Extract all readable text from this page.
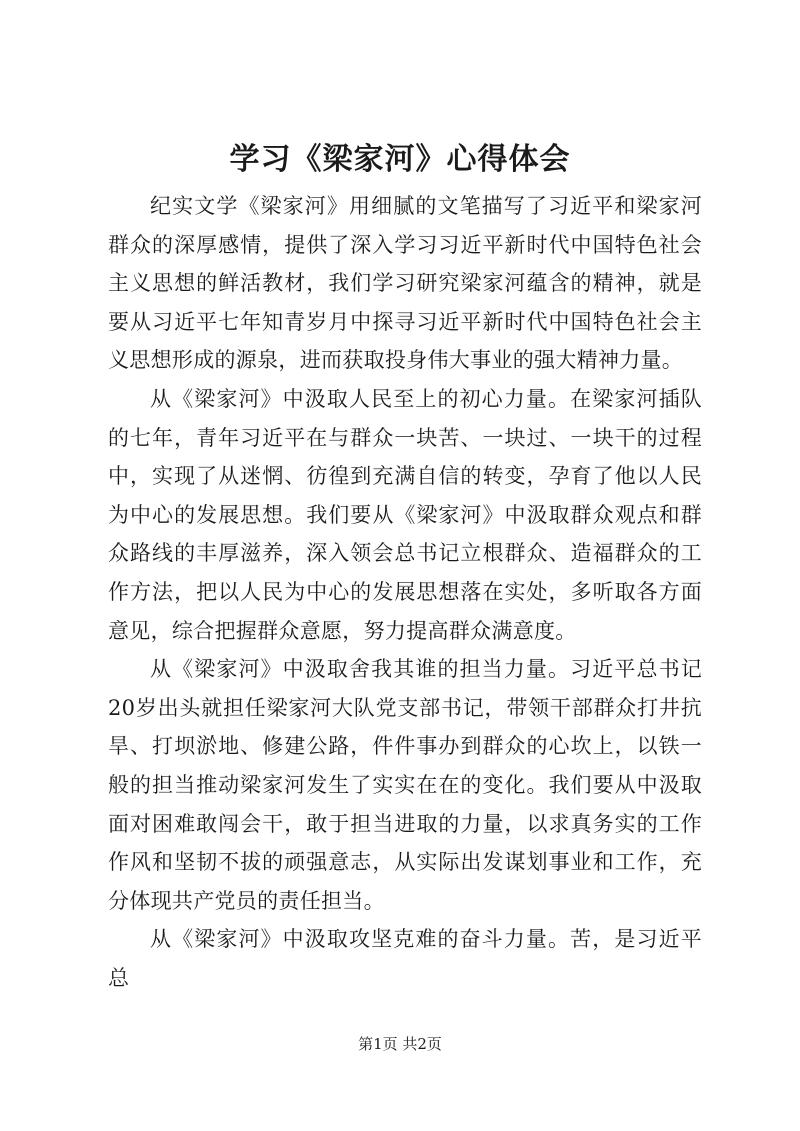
学习《梁家河》心得体会

纪实文学《梁家河》用细腻的文笔描写了习近平和梁家河群众的深厚感情，提供了深入学习习近平新时代中国特色社会主义思想的鲜活教材，我们学习研究梁家河蕴含的精神，就是要从习近平七年知青岁月中探寻习近平新时代中国特色社会主义思想形成的源泉，进而获取投身伟大事业的强大精神力量。

从《梁家河》中汲取人民至上的初心力量。在梁家河插队的七年，青年习近平在与群众一块苦、一块过、一块干的过程中，实现了从迷惘、彷徨到充满自信的转变，孕育了他以人民为中心的发展思想。我们要从《梁家河》中汲取群众观点和群众路线的丰厚滋养，深入领会总书记立根群众、造福群众的工作方法，把以人民为中心的发展思想落在实处，多听取各方面意见，综合把握群众意愿，努力提高群众满意度。

从《梁家河》中汲取舍我其谁的担当力量。习近平总书记20岁出头就担任梁家河大队党支部书记，带领干部群众打井抗旱、打坝淤地、修建公路，件件事办到群众的心坎上，以铁一般的担当推动梁家河发生了实实在在的变化。我们要从中汲取面对困难敢闯会干，敢于担当进取的力量，以求真务实的工作作风和坚韧不拔的顽强意志，从实际出发谋划事业和工作，充分体现共产党员的责任担当。

从《梁家河》中汲取攻坚克难的奋斗力量。苦，是习近平总

第1页 共2页
